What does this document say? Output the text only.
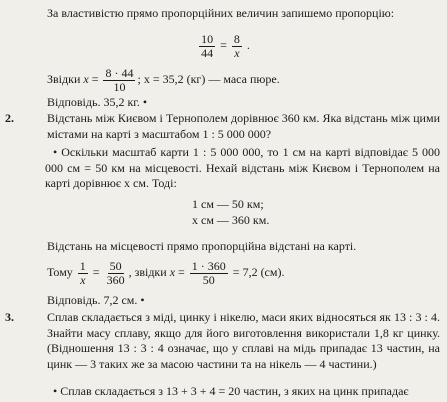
За властивістю прямо пропорційних величин запишемо пропорцію:
$\frac{10}{44} = \frac{8}{x}$ .
Звідки $x = \frac{8 \cdot 44}{10}$ ; x = 35,2 (кг) — маса пюре.
Відповідь. 35,2 кг. •
2.	Відстань між Києвом і Тернополем дорівнює 360 км. Яка відстань між цими містами на карті з масштабом 1 : 5 000 000?
• Оскільки масштаб карти 1 : 5 000 000, то 1 см на карті відповідає 5 000 000 см = 50 км на місцевості. Нехай відстань між Києвом і Тернополем на карті дорівнює x см. Тоді:
1 см — 50 км;
x см — 360 км.
Відстань на місцевості прямо пропорційна відстані на карті.
Тому $\frac{1}{x} = \frac{50}{360}$ , звідки $x = \frac{1 \cdot 360}{50} = 7,2$ (см).
Відповідь. 7,2 см. •
3.	Сплав складається з міді, цинку і нікелю, маси яких відносяться як 13 : 3 : 4. Знайти масу сплаву, якщо для його виготовлення використали 1,8 кг цинку. (Відношення 13 : 3 : 4 означає, що у сплаві на мідь припадає 13 частин, на цинк — 3 таких же за масою частини та на нікель — 4 частини.)
• Сплав складається з 13 + 3 + 4 = 20 частин, з яких на цинк припадає
